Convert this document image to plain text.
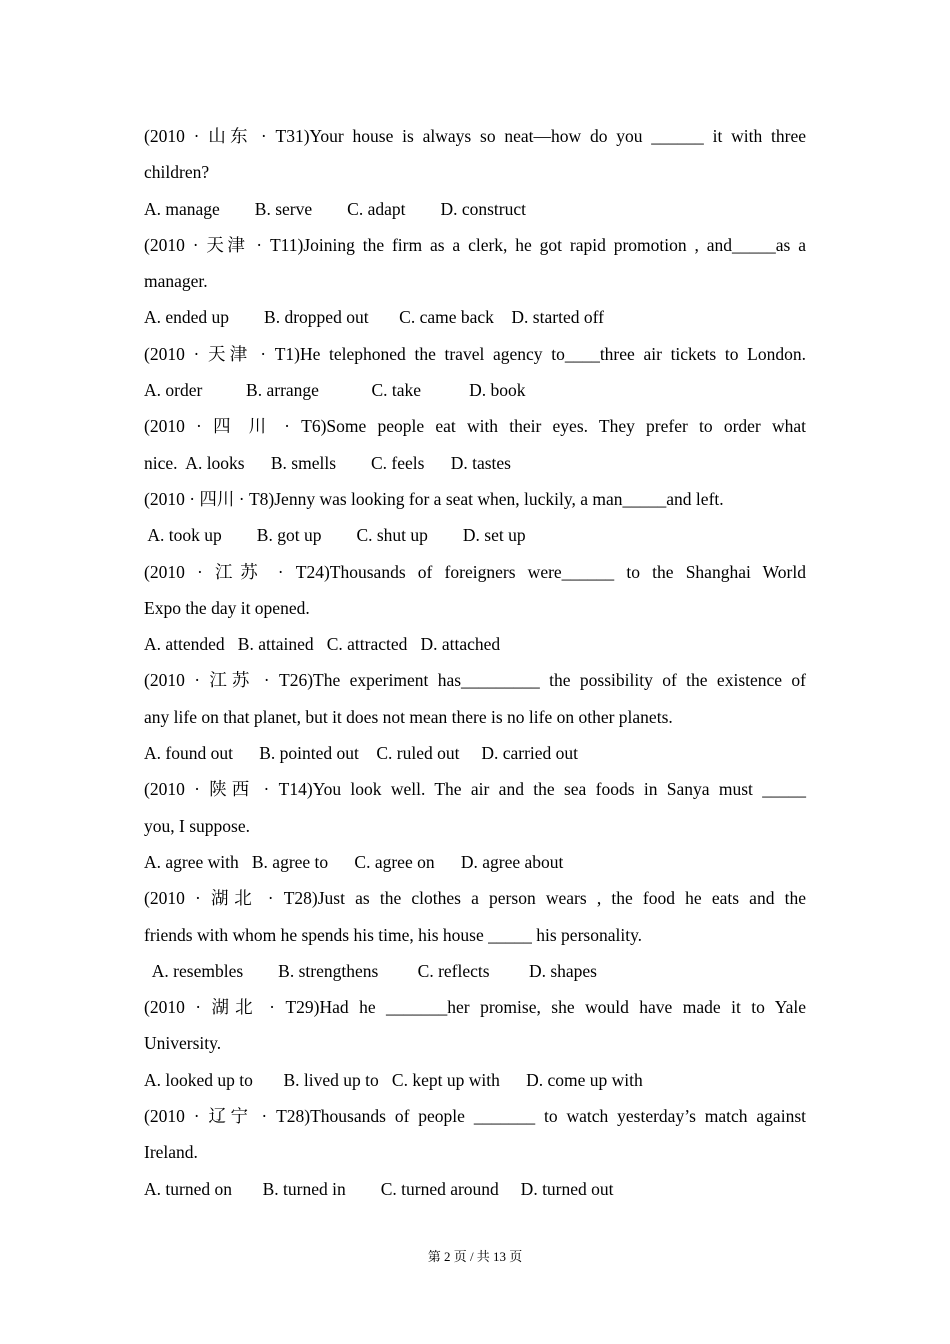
(2010 · 山东 · T31)Your house is always so neat—how do you ______ it with three
children?
A. manage        B. serve        C. adapt        D. construct
(2010 · 天津 · T11)Joining the firm as a clerk, he got rapid promotion , and_____as a
manager.
A. ended up        B. dropped out       C. came back    D. started off
(2010 · 天津 · T1)He telephoned the travel agency to____three air tickets to London.
A. order          B. arrange            C. take           D. book
(2010 · 四 川 · T6)Some people eat with their eyes. They prefer to order what
nice.  A. looks      B. smells        C. feels      D. tastes
(2010 · 四川 · T8)Jenny was looking for a seat when, luckily, a man_____and left.
A. took up        B. got up        C. shut up        D. set up
(2010 · 江苏 · T24)Thousands of foreigners were______ to the Shanghai World
Expo the day it opened.
A. attended   B. attained   C. attracted   D. attached
(2010 · 江苏 · T26)The experiment has_________ the possibility of the existence of
any life on that planet, but it does not mean there is no life on other planets.
A. found out      B. pointed out    C. ruled out     D. carried out
(2010 · 陕西 · T14)You look well. The air and the sea foods in Sanya must _____
you, I suppose.
A. agree with   B. agree to      C. agree on      D. agree about
(2010 · 湖北 · T28)Just as the clothes a person wears , the food he eats and the
friends with whom he spends his time, his house _____ his personality.
A. resembles        B. strengthens         C. reflects         D. shapes
(2010 · 湖北 · T29)Had he _______her promise, she would have made it to Yale
University.
A. looked up to       B. lived up to   C. kept up with      D. come up with
(2010 · 辽宁 · T28)Thousands of people _______ to watch yesterday’s match against
Ireland.
A. turned on       B. turned in        C. turned around     D. turned out
第 2 页 / 共 13 页
